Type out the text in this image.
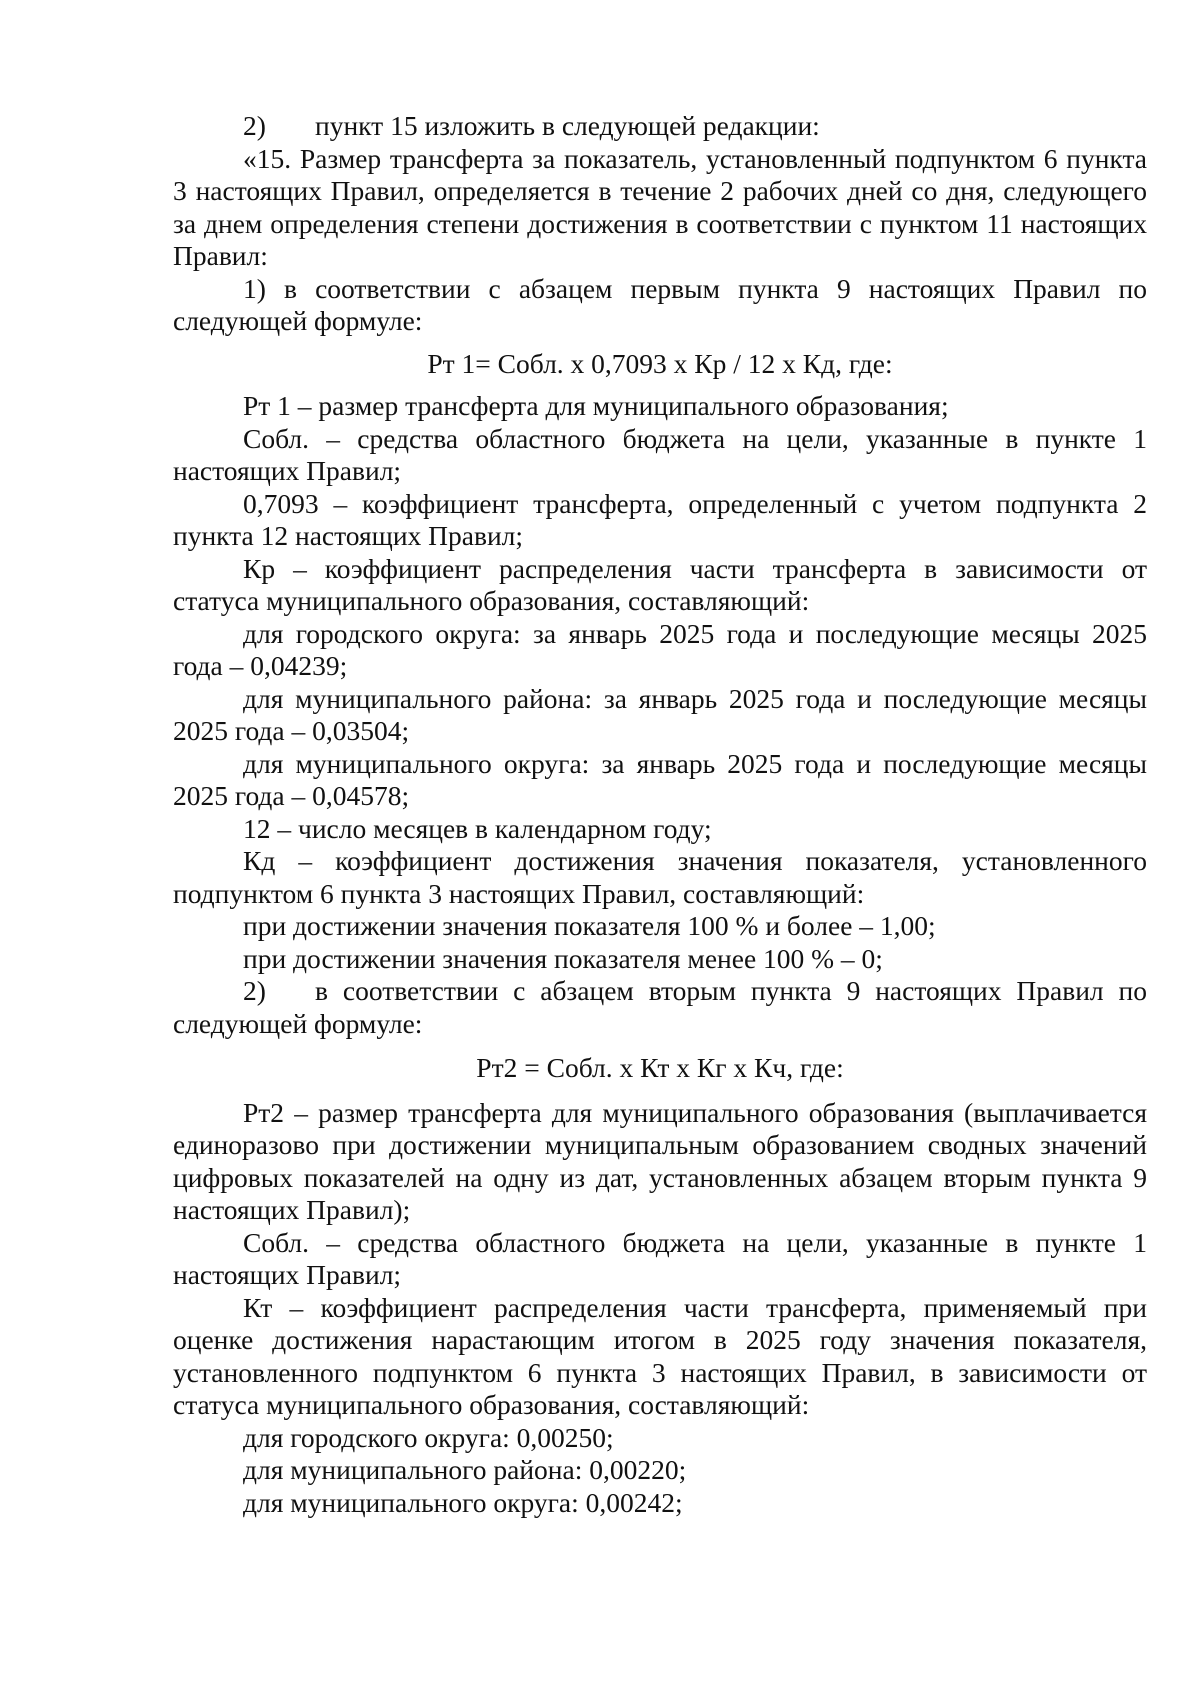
2) пункт 15 изложить в следующей редакции:

«15. Размер трансферта за показатель, установленный подпунктом 6 пункта 3 настоящих Правил, определяется в течение 2 рабочих дней со дня, следующего за днем определения степени достижения в соответствии с пунктом 11 настоящих Правил:

1) в соответствии с абзацем первым пункта 9 настоящих Правил по следующей формуле:

Рт 1= Собл. х 0,7093 х Кр / 12 х Кд, где:

Рт 1 – размер трансферта для муниципального образования;

Собл. – средства областного бюджета на цели, указанные в пункте 1 настоящих Правил;

0,7093 – коэффициент трансферта, определенный с учетом подпункта 2 пункта 12 настоящих Правил;

Кр – коэффициент распределения части трансферта в зависимости от статуса муниципального образования, составляющий:

для городского округа: за январь 2025 года и последующие месяцы 2025 года – 0,04239;

для муниципального района: за январь 2025 года и последующие месяцы 2025 года – 0,03504;

для муниципального округа: за январь 2025 года и последующие месяцы 2025 года – 0,04578;

12 – число месяцев в календарном году;

Кд – коэффициент достижения значения показателя, установленного подпунктом 6 пункта 3 настоящих Правил, составляющий:

при достижении значения показателя 100 % и более – 1,00;

при достижении значения показателя менее 100 % – 0;

2) в соответствии с абзацем вторым пункта 9 настоящих Правил по следующей формуле:

Рт2 = Собл. х Кт х Кг х Кч, где:

Рт2 – размер трансферта для муниципального образования (выплачивается единоразово при достижении муниципальным образованием сводных значений цифровых показателей на одну из дат, установленных абзацем вторым пункта 9 настоящих Правил);

Собл. – средства областного бюджета на цели, указанные в пункте 1 настоящих Правил;

Кт – коэффициент распределения части трансферта, применяемый при оценке достижения нарастающим итогом в 2025 году значения показателя, установленного подпунктом 6 пункта 3 настоящих Правил, в зависимости от статуса муниципального образования, составляющий:

для городского округа: 0,00250;

для муниципального района: 0,00220;

для муниципального округа: 0,00242;
